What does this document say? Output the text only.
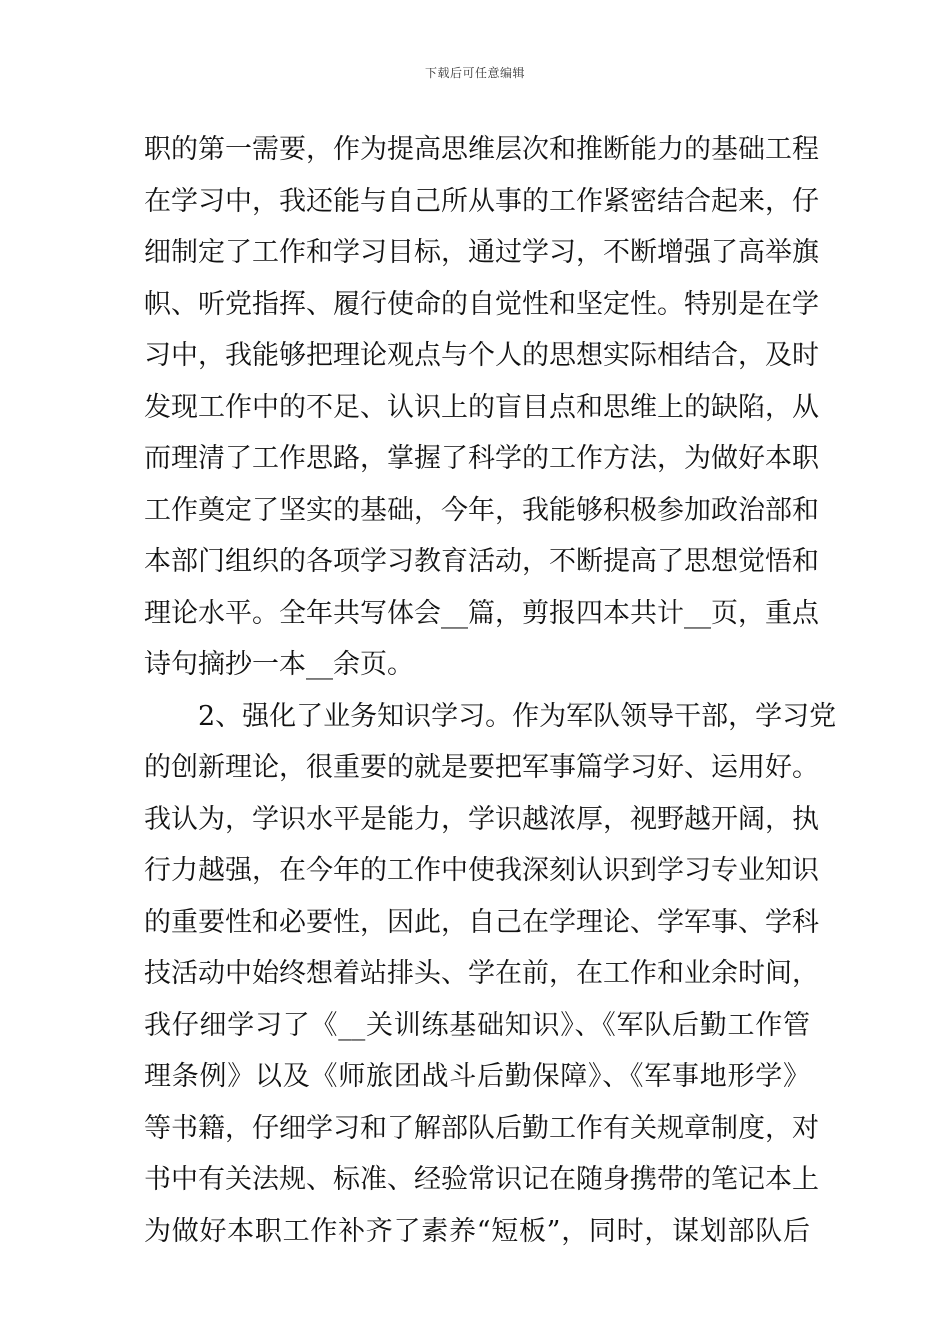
下载后可任意编辑
职的第一需要，作为提高思维层次和推断能力的基础工程
在学习中，我还能与自己所从事的工作紧密结合起来，仔
细制定了工作和学习目标，通过学习，不断增强了高举旗
帜、听党指挥、履行使命的自觉性和坚定性。特别是在学
习中，我能够把理论观点与个人的思想实际相结合，及时
发现工作中的不足、认识上的盲目点和思维上的缺陷，从
而理清了工作思路，掌握了科学的工作方法，为做好本职
工作奠定了坚实的基础，今年，我能够积极参加政治部和
本部门组织的各项学习教育活动，不断提高了思想觉悟和
理论水平。全年共写体会__篇，剪报四本共计__页，重点
诗句摘抄一本__余页。
2、强化了业务知识学习。作为军队领导干部，学习党
的创新理论，很重要的就是要把军事篇学习好、运用好。
我认为，学识水平是能力，学识越浓厚，视野越开阔，执
行力越强，在今年的工作中使我深刻认识到学习专业知识
的重要性和必要性，因此，自己在学理论、学军事、学科
技活动中始终想着站排头、学在前，在工作和业余时间，
我仔细学习了《__关训练基础知识》、《军队后勤工作管
理条例》以及《师旅团战斗后勤保障》、《军事地形学》
等书籍，仔细学习和了解部队后勤工作有关规章制度，对
书中有关法规、标准、经验常识记在随身携带的笔记本上
为做好本职工作补齐了素养“短板”，同时，谋划部队后
